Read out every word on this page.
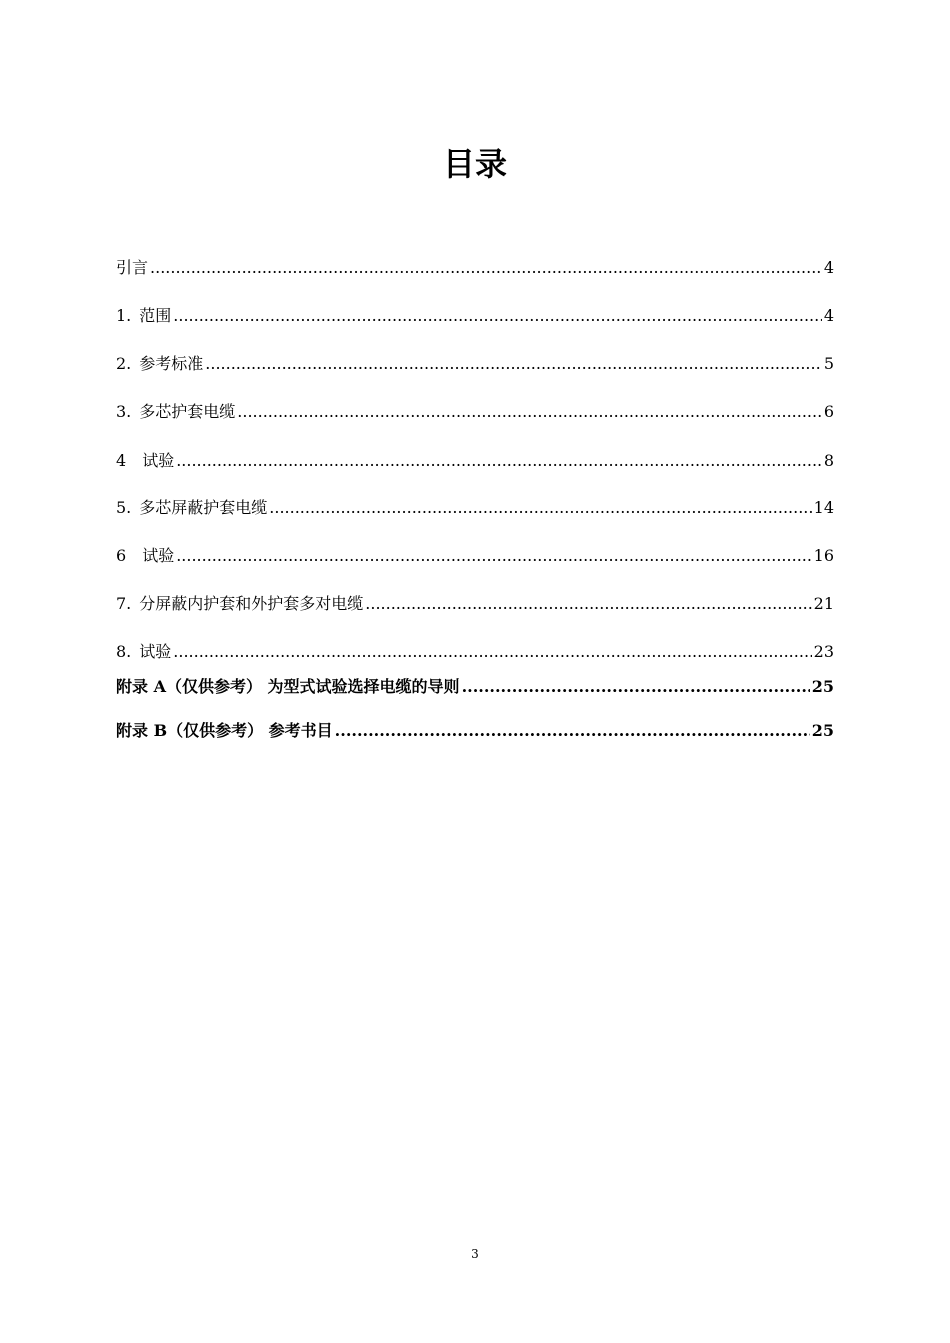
目录
引言 .....	4
1. 范围 .....	4
2. 参考标准 .....	5
3. 多芯护套电缆 .....	6
4 试验 .....	8
5. 多芯屏蔽护套电缆 .....	14
6 试验 .....	16
7. 分屏蔽内护套和外护套多对电缆 .....	21
8. 试验 .....	23
附录 A（仅供参考） 为型式试验选择电缆的导则 .....	25
附录 B（仅供参考） 参考书目 .....	25
3
